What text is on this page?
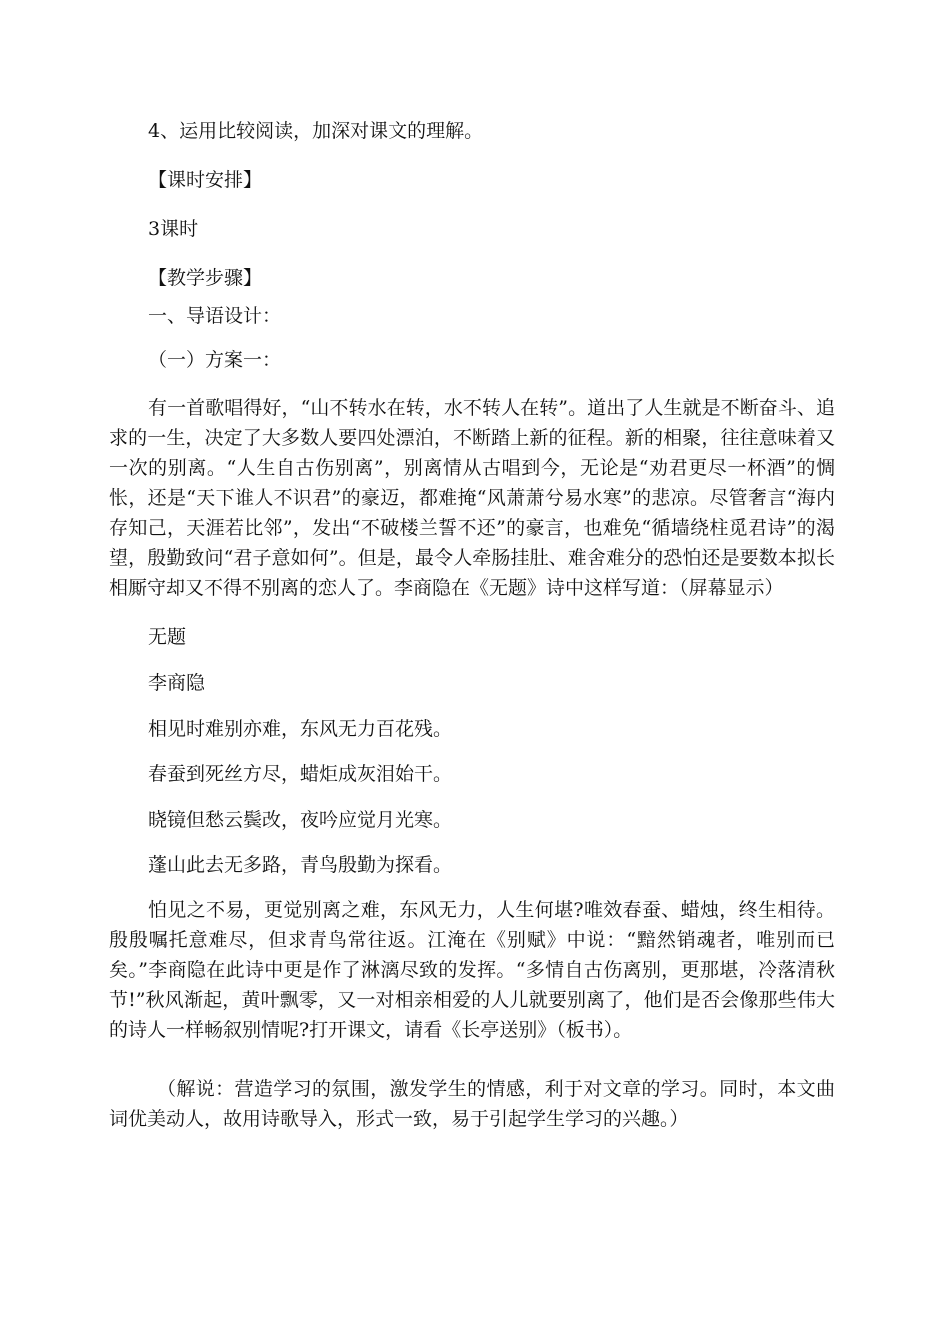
4、运用比较阅读，加深对课文的理解。
【课时安排】
3课时
【教学步骤】
一、导语设计：
（一）方案一：
有一首歌唱得好，“山不转水在转，水不转人在转”。道出了人生就是不断奋斗、追求的一生，决定了大多数人要四处漂泊，不断踏上新的征程。新的相聚，往往意味着又一次的别离。“人生自古伤别离”，别离情从古唱到今，无论是“劝君更尽一杯酒”的惆怅，还是“天下谁人不识君”的豪迈，都难掩“风萧萧兮易水寒”的悲凉。尽管奢言“海内存知己，天涯若比邻”，发出“不破楼兰誓不还”的豪言，也难免“循墙绕柱觅君诗”的渴望，殷勤致问“君子意如何”。但是，最令人牵肠挂肚、难舍难分的恐怕还是要数本拟长相厮守却又不得不别离的恋人了。李商隐在《无题》诗中这样写道：（屏幕显示）
无题
李商隐
相见时难别亦难，东风无力百花残。
春蚕到死丝方尽，蜡炬成灰泪始干。
晓镜但愁云鬓改，夜吟应觉月光寒。
蓬山此去无多路，青鸟殷勤为探看。
怕见之不易，更觉别离之难，东风无力，人生何堪?唯效春蚕、蜡烛，终生相待。殷殷嘱托意难尽，但求青鸟常往返。江淹在《别赋》中说：“黯然销魂者，唯别而已矣。”李商隐在此诗中更是作了淋漓尽致的发挥。“多情自古伤离别，更那堪，冷落清秋节!”秋风渐起，黄叶飘零，又一对相亲相爱的人儿就要别离了，他们是否会像那些伟大的诗人一样畅叙别情呢?打开课文，请看《长亭送别》（板书）。
（解说：营造学习的氛围，激发学生的情感，利于对文章的学习。同时，本文曲词优美动人，故用诗歌导入，形式一致，易于引起学生学习的兴趣。）
